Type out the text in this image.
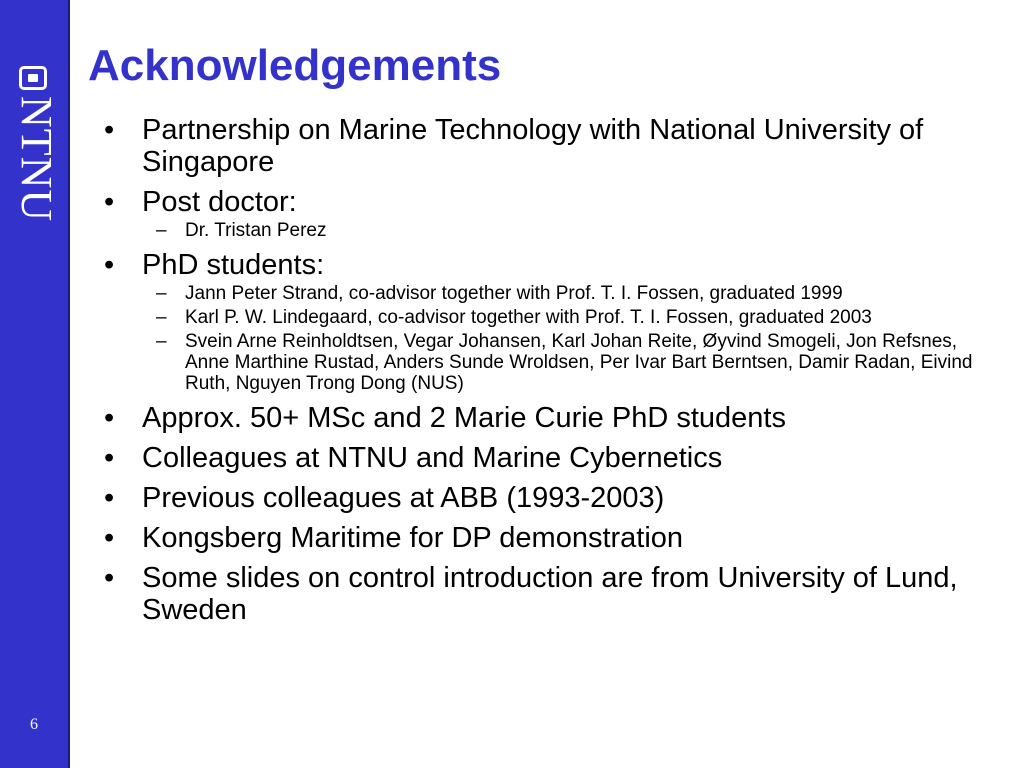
NTNU
6
Acknowledgements
• Partnership on Marine Technology with National University of Singapore
• Post doctor:
– Dr. Tristan Perez
• PhD students:
– Jann Peter Strand, co-advisor together with Prof. T. I. Fossen, graduated 1999
– Karl P. W. Lindegaard, co-advisor together with Prof. T. I. Fossen, graduated 2003
– Svein Arne Reinholdtsen, Vegar Johansen, Karl Johan Reite, Øyvind Smogeli, Jon Refsnes, Anne Marthine Rustad, Anders Sunde Wroldsen, Per Ivar Bart Berntsen, Damir Radan, Eivind Ruth, Nguyen Trong Dong (NUS)
• Approx. 50+ MSc and 2 Marie Curie PhD students
• Colleagues at NTNU and Marine Cybernetics
• Previous colleagues at ABB (1993-2003)
• Kongsberg Maritime for DP demonstration
• Some slides on control introduction are from University of Lund, Sweden
